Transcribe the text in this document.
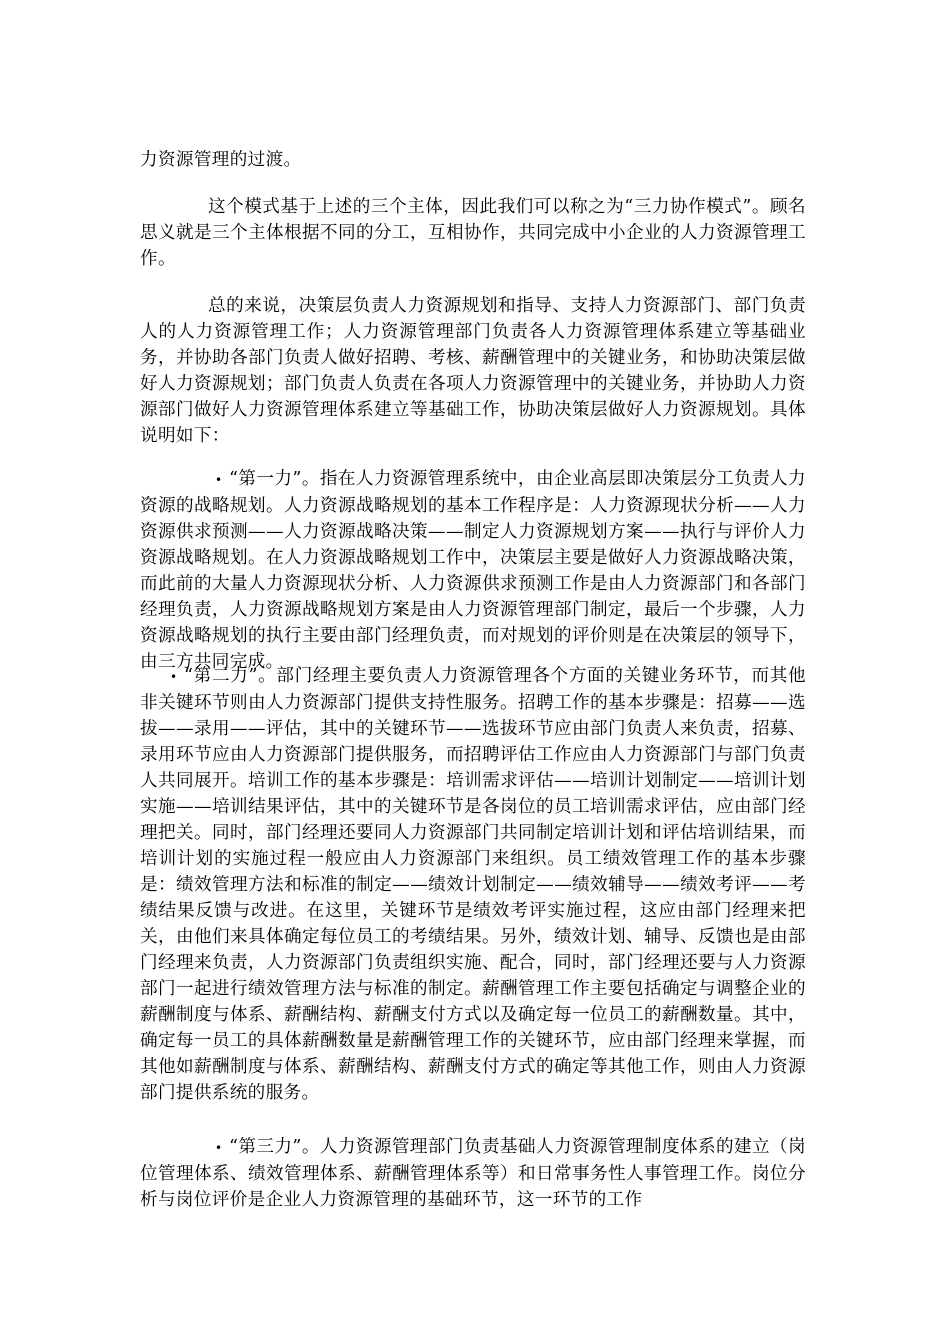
力资源管理的过渡。

这个模式基于上述的三个主体，因此我们可以称之为“三力协作模式”。顾名思义就是三个主体根据不同的分工，互相协作，共同完成中小企业的人力资源管理工作。

总的来说，决策层负责人力资源规划和指导、支持人力资源部门、部门负责人的人力资源管理工作；人力资源管理部门负责各人力资源管理体系建立等基础业务，并协助各部门负责人做好招聘、考核、薪酬管理中的关键业务，和协助决策层做好人力资源规划；部门负责人负责在各项人力资源管理中的关键业务，并协助人力资源部门做好人力资源管理体系建立等基础工作，协助决策层做好人力资源规划。具体说明如下：

• “第一力”。指在人力资源管理系统中，由企业高层即决策层分工负责人力资源的战略规划。人力资源战略规划的基本工作程序是：人力资源现状分析——人力资源供求预测——人力资源战略决策——制定人力资源规划方案——执行与评价人力资源战略规划。在人力资源战略规划工作中，决策层主要是做好人力资源战略决策，而此前的大量人力资源现状分析、人力资源供求预测工作是由人力资源部门和各部门经理负责，人力资源战略规划方案是由人力资源管理部门制定，最后一个步骤，人力资源战略规划的执行主要由部门经理负责，而对规划的评价则是在决策层的领导下，由三方共同完成。
• “第二力”。部门经理主要负责人力资源管理各个方面的关键业务环节，而其他非关键环节则由人力资源部门提供支持性服务。招聘工作的基本步骤是：招募——选拔——录用——评估，其中的关键环节——选拔环节应由部门负责人来负责，招募、录用环节应由人力资源部门提供服务，而招聘评估工作应由人力资源部门与部门负责人共同展开。培训工作的基本步骤是：培训需求评估——培训计划制定——培训计划实施——培训结果评估，其中的关键环节是各岗位的员工培训需求评估，应由部门经理把关。同时，部门经理还要同人力资源部门共同制定培训计划和评估培训结果，而培训计划的实施过程一般应由人力资源部门来组织。员工绩效管理工作的基本步骤是：绩效管理方法和标准的制定——绩效计划制定——绩效辅导——绩效考评——考绩结果反馈与改进。在这里，关键环节是绩效考评实施过程，这应由部门经理来把关，由他们来具体确定每位员工的考绩结果。另外，绩效计划、辅导、反馈也是由部门经理来负责，人力资源部门负责组织实施、配合，同时，部门经理还要与人力资源部门一起进行绩效管理方法与标准的制定。薪酬管理工作主要包括确定与调整企业的薪酬制度与体系、薪酬结构、薪酬支付方式以及确定每一位员工的薪酬数量。其中，确定每一员工的具体薪酬数量是薪酬管理工作的关键环节，应由部门经理来掌握，而其他如薪酬制度与体系、薪酬结构、薪酬支付方式的确定等其他工作，则由人力资源部门提供系统的服务。
• “第三力”。人力资源管理部门负责基础人力资源管理制度体系的建立（岗位管理体系、绩效管理体系、薪酬管理体系等）和日常事务性人事管理工作。岗位分析与岗位评价是企业人力资源管理的基础环节，这一环节的工作
